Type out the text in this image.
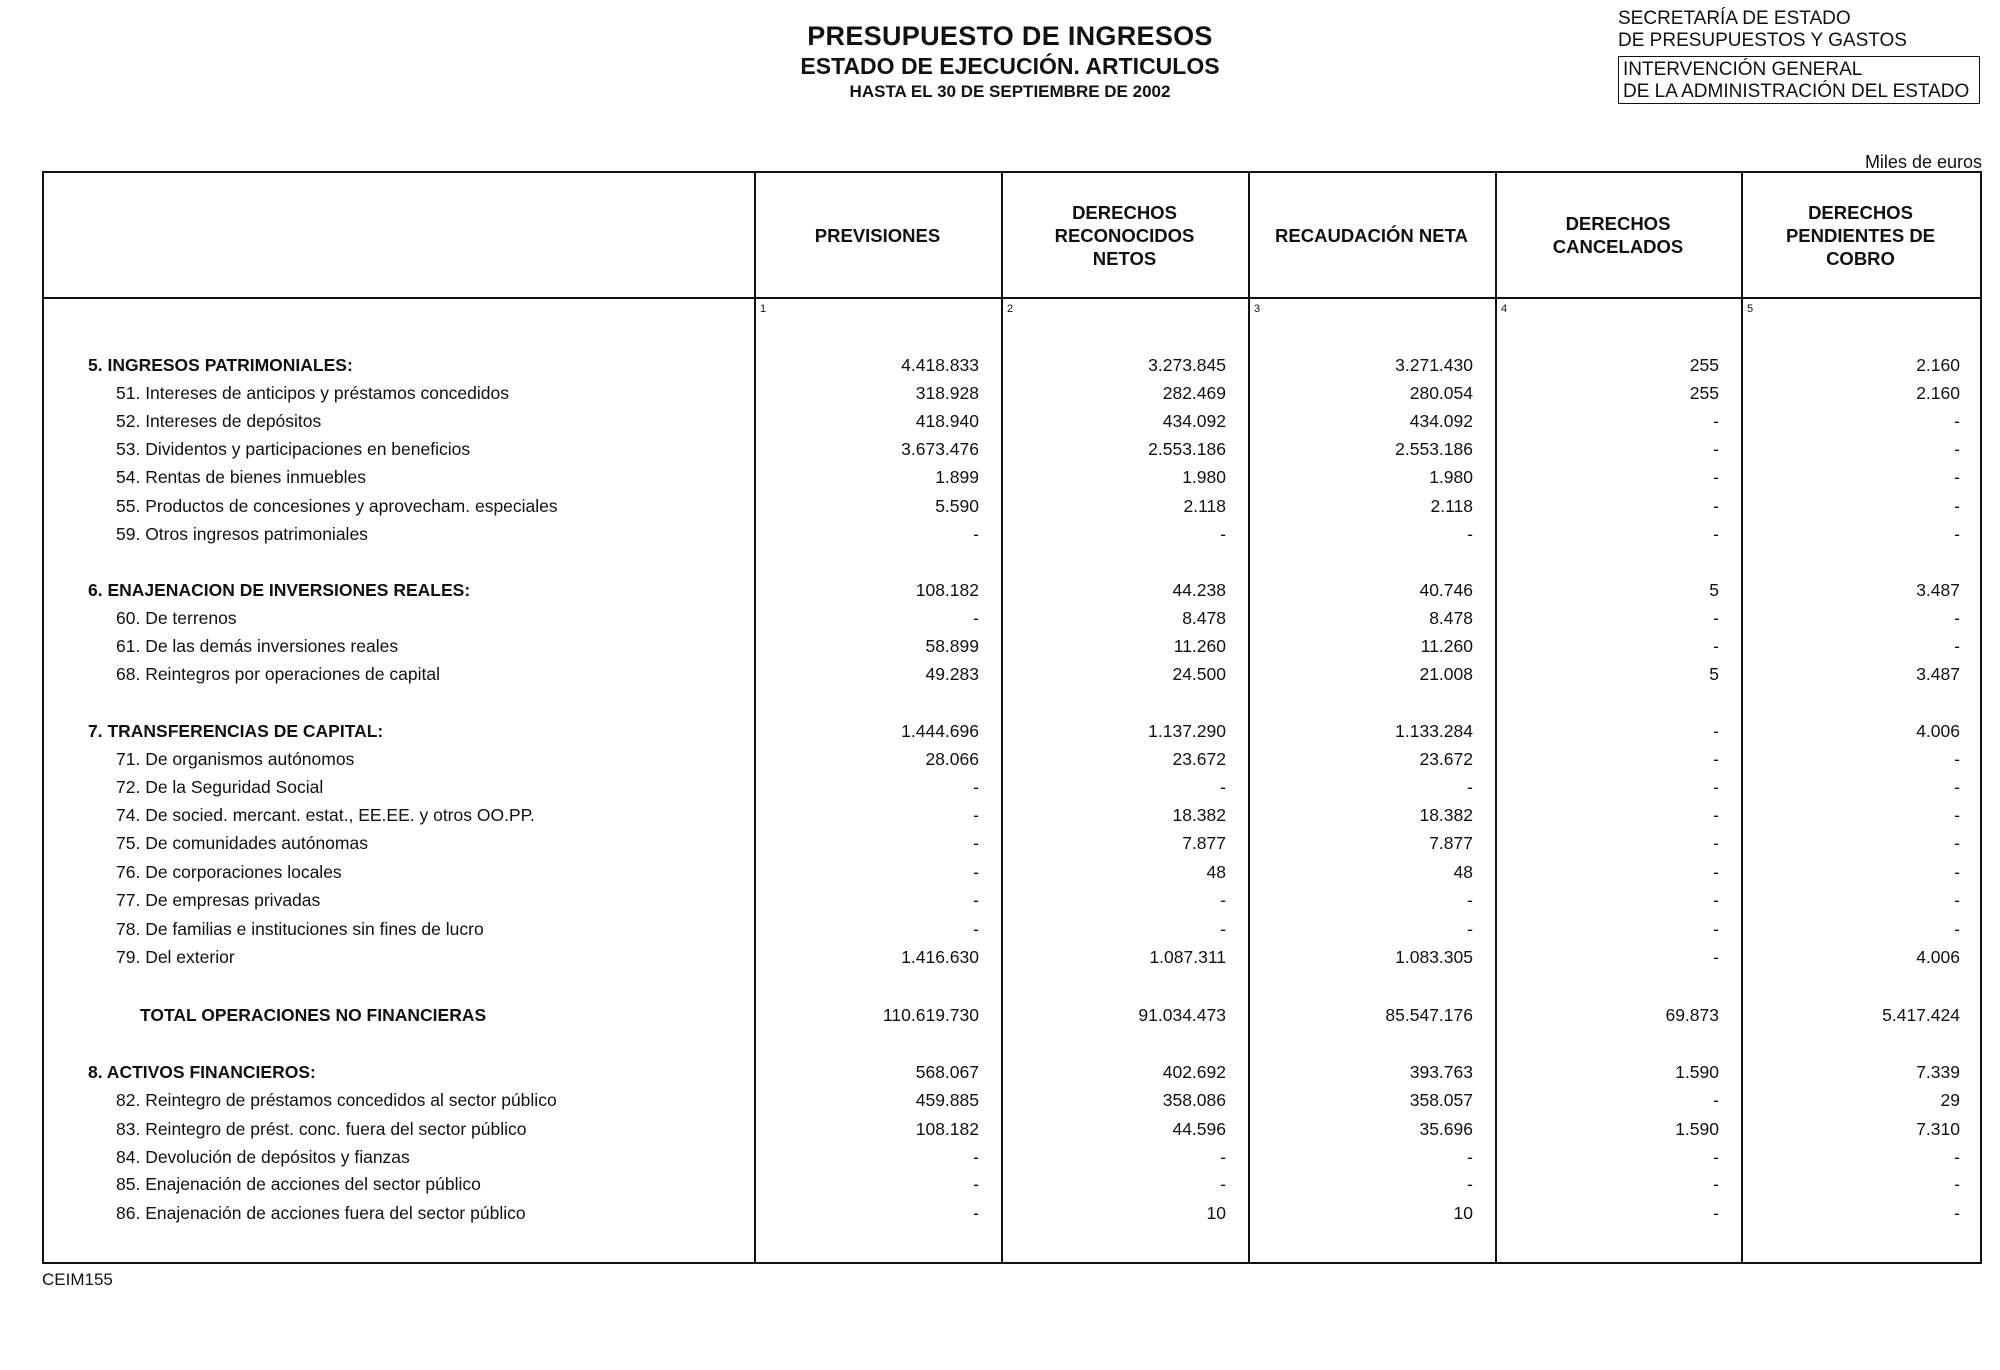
PRESUPUESTO DE INGRESOS
ESTADO DE EJECUCIÓN. ARTICULOS
HASTA EL 30 DE SEPTIEMBRE DE 2002
SECRETARÍA DE ESTADO
DE PRESUPUESTOS Y GASTOS
INTERVENCIÓN GENERAL
DE LA ADMINISTRACIÓN DEL ESTADO
Miles de euros
PREVISIONES
DERECHOS RECONOCIDOS NETOS
RECAUDACIÓN NETA
DERECHOS CANCELADOS
DERECHOS PENDIENTES DE COBRO
1	2	3	4	5
5. INGRESOS PATRIMONIALES:	4.418.833	3.273.845	3.271.430	255	2.160
51. Intereses de anticipos y préstamos concedidos	318.928	282.469	280.054	255	2.160
52. Intereses de depósitos	418.940	434.092	434.092	-	-
53. Dividentos y participaciones en beneficios	3.673.476	2.553.186	2.553.186	-	-
54. Rentas de bienes inmuebles	1.899	1.980	1.980	-	-
55. Productos de concesiones y aprovecham. especiales	5.590	2.118	2.118	-	-
59. Otros ingresos patrimoniales	-	-	-	-	-
6. ENAJENACION DE INVERSIONES REALES:	108.182	44.238	40.746	5	3.487
60. De terrenos	-	8.478	8.478	-	-
61. De las demás inversiones reales	58.899	11.260	11.260	-	-
68. Reintegros por operaciones de capital	49.283	24.500	21.008	5	3.487
7. TRANSFERENCIAS DE CAPITAL:	1.444.696	1.137.290	1.133.284	-	4.006
71. De organismos autónomos	28.066	23.672	23.672	-	-
72. De la Seguridad Social	-	-	-	-	-
74. De socied. mercant. estat., EE.EE. y otros OO.PP.	-	18.382	18.382	-	-
75. De comunidades autónomas	-	7.877	7.877	-	-
76. De corporaciones locales	-	48	48	-	-
77. De empresas privadas	-	-	-	-	-
78. De familias e instituciones sin fines de lucro	-	-	-	-	-
79. Del exterior	1.416.630	1.087.311	1.083.305	-	4.006
TOTAL OPERACIONES NO FINANCIERAS	110.619.730	91.034.473	85.547.176	69.873	5.417.424
8. ACTIVOS FINANCIEROS:	568.067	402.692	393.763	1.590	7.339
82. Reintegro de préstamos concedidos al sector público	459.885	358.086	358.057	-	29
83. Reintegro de prést. conc. fuera del sector público	108.182	44.596	35.696	1.590	7.310
84. Devolución de depósitos y fianzas	-	-	-	-	-
85. Enajenación de acciones del sector público	-	-	-	-	-
86. Enajenación de acciones fuera del sector público	-	10	10	-	-
CEIM155
